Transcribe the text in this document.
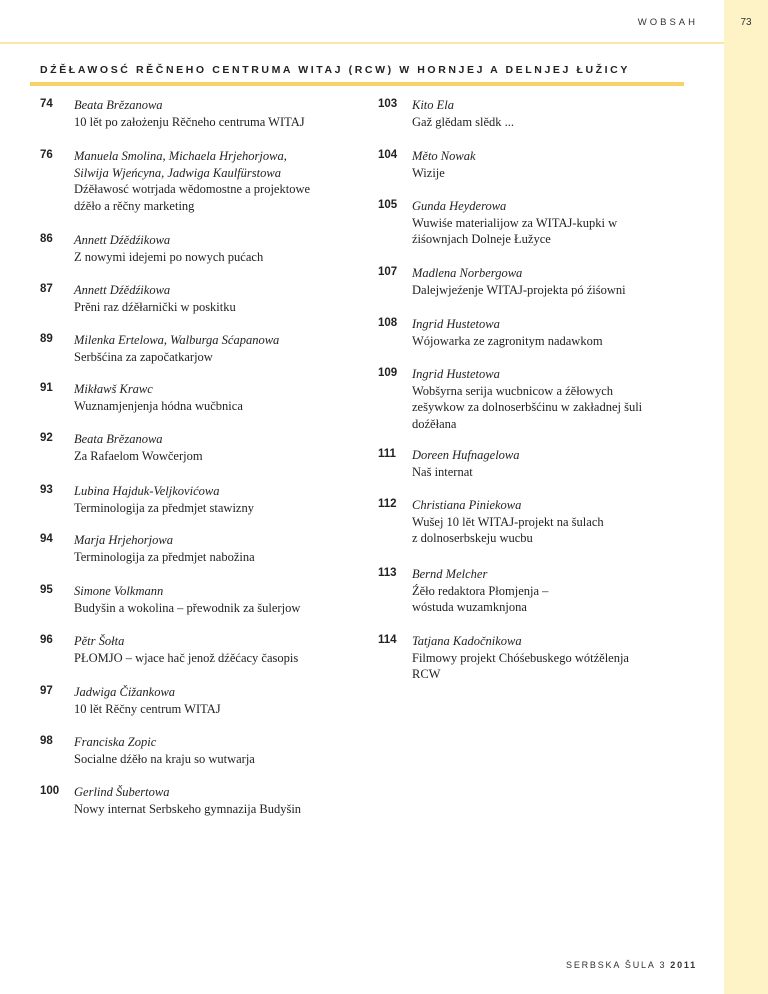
73
WOBSAH
DŹĚŁAWOSĆ RĚČNEHO CENTRUMA WITAJ (RCW) W HORNJEJ A DELNJEJ ŁUŽICY
74 Beata Brězanowa
10 lět po założenju Rěčneho centruma WITAJ
76 Manuela Smolina, Michaela Hrjehorjowa,
Silwija Wjeńcyna, Jadwiga Kaulfürstowa
Dźěławosć wotrjada wědomostne a projektowe
dźěło a rěčny marketing
86 Annett Dźědźikowa
Z nowymi idejemi po nowych pućach
87 Annett Dźědźikowa
Prěni raz dźěłarnički w poskitku
89 Milenka Ertelowa, Walburga Sćapanowa
Serbšćina za započatkarjow
91 Mikławš Krawc
Wuznamjenjenja hódna wučbnica
92 Beata Brězanowa
Za Rafaelom Wowčerjom
93 Lubina Hajduk-Veljkovićowa
Terminologija za předmjet stawizny
94 Marja Hrjehorjowa
Terminologija za předmjet nabožina
95 Simone Volkmann
Budyšin a wokolina – přewodnik za šulerjow
96 Pětr Šołta
PŁOMJO – wjace hač jenož dźěćacy časopis
97 Jadwiga Čižankowa
10 lět Rěčny centrum WITAJ
98 Franciska Zopic
Socialne dźěło na kraju so wutwarja
100 Gerlind Šubertowa
Nowy internat Serbskeho gymnazija Budyšin
103 Kito Ela
Gaž glědam slědk ...
104 Měto Nowak
Wizije
105 Gunda Heyderowa
Wuwiśe materialijow za WITAJ-kupki w
źiśownjach Dolneje Łužyce
107 Madlena Norbergowa
Dalejwjeźenje WITAJ-projekta pó źiśowni
108 Ingrid Hustetowa
Wójowarka ze zagronitym nadawkom
109 Ingrid Hustetowa
Wobšyrna serija wucbnicow a źěłowych
zešywkow za dolnoserbšćinu w zakładnej šuli
doźěłana
111 Doreen Hufnagelowa
Naš internat
112 Christiana Piniekowa
Wušej 10 lět WITAJ-projekt na šulach
z dolnoserbskeju wucbu
113 Bernd Melcher
Źěło redaktora Płomjenja –
wóstuda wuzamknjona
114 Tatjana Kadočnikowa
Filmowy projekt Chóśebuskego wótźělenja
RCW
SERBSKA ŠULA 3 2011
